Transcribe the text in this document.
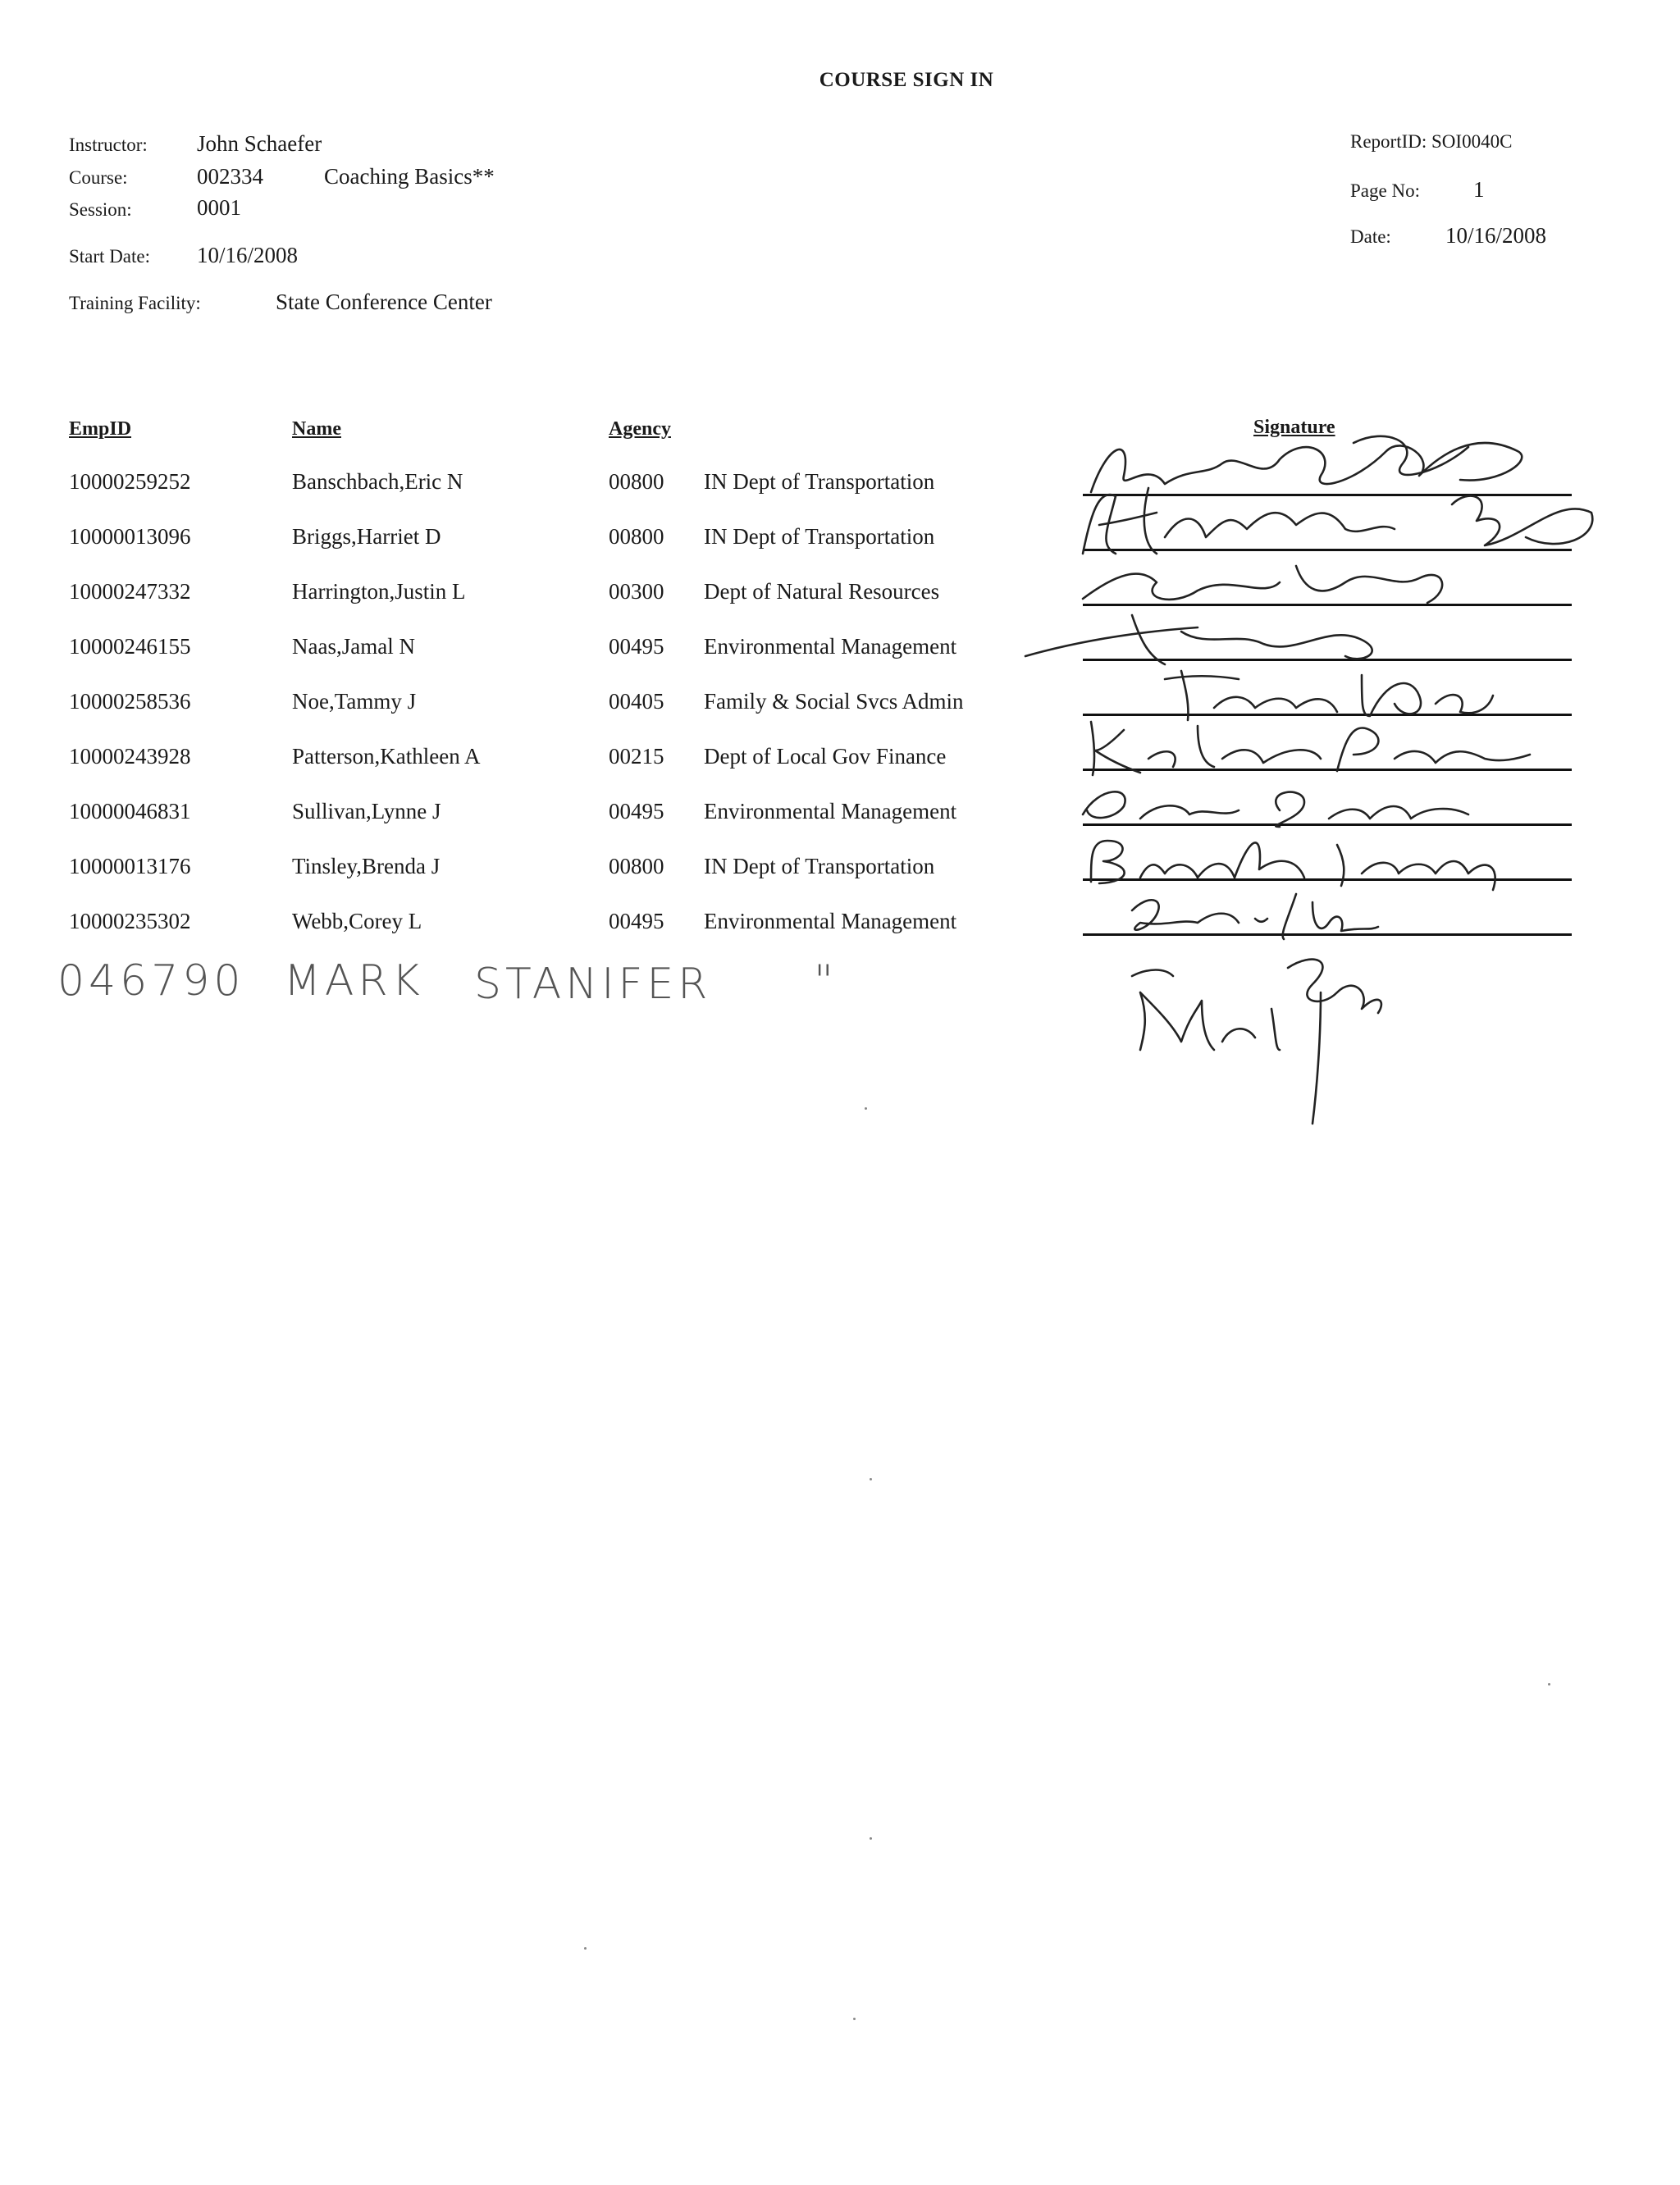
COURSE SIGN IN
Instructor: John Schaefer
Course:	002334	Coaching Basics**
Session:	0001
Start Date: 10/16/2008
Training Facility:	State Conference Center
ReportID: SOI0040C
Page No: 1
Date: 10/16/2008
EmpID	Name	Agency	Signature
10000259252	Banschbach,Eric N	00800 IN Dept of Transportation
10000013096	Briggs,Harriet D	00800 IN Dept of Transportation
10000247332	Harrington,Justin L	00300 Dept of Natural Resources
10000246155	Naas,Jamal N	00495 Environmental Management
10000258536	Noe,Tammy J	00405 Family & Social Svcs Admin
10000243928	Patterson,Kathleen A	00215 Dept of Local Gov Finance
10000046831	Sullivan,Lynne J	00495 Environmental Management
10000013176	Tinsley,Brenda J	00800 IN Dept of Transportation
10000235302	Webb,Corey L	00495 Environmental Management
046790 MARK STANIFER "
